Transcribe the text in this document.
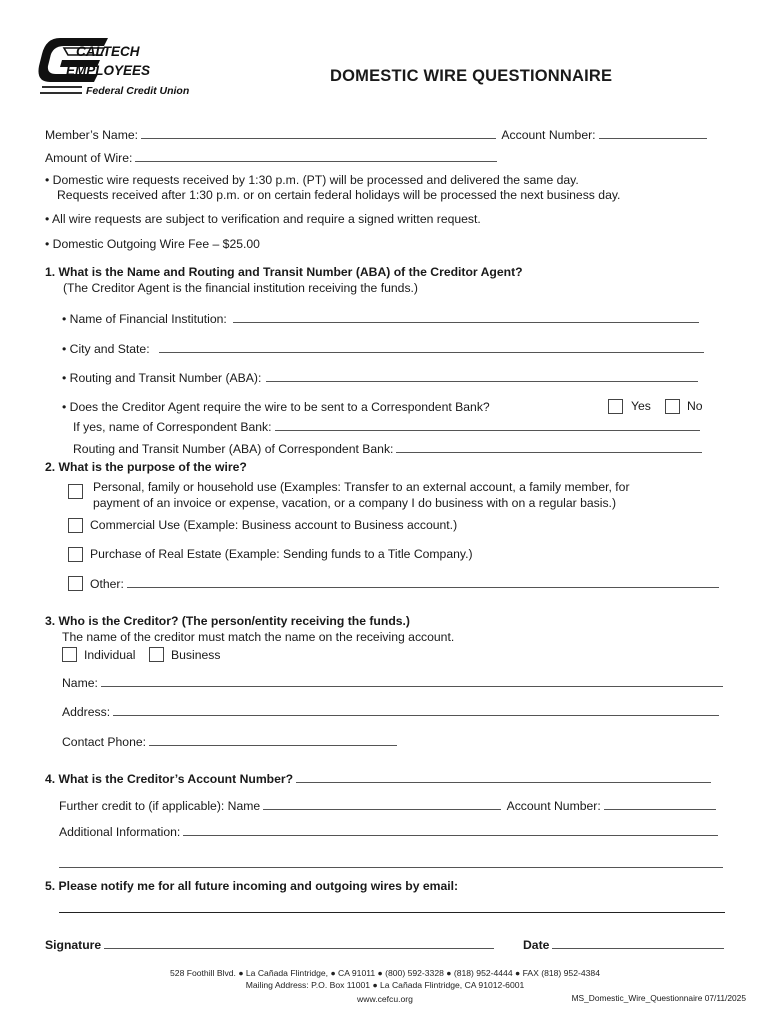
CALTECH
EMPLOYEES
Federal Credit Union
DOMESTIC WIRE QUESTIONNAIRE
Member’s Name:	Account Number:
Amount of Wire:
• Domestic wire requests received by 1:30 p.m. (PT) will be processed and delivered the same day.
Requests received after 1:30 p.m. or on certain federal holidays will be processed the next business day.
• All wire requests are subject to verification and require a signed written request.
• Domestic Outgoing Wire Fee – $25.00
1. What is the Name and Routing and Transit Number (ABA) of the Creditor Agent?
(The Creditor Agent is the financial institution receiving the funds.)
• Name of Financial Institution:
• City and State:
• Routing and Transit Number (ABA):
• Does the Creditor Agent require the wire to be sent to a Correspondent Bank?	Yes	No
If yes, name of Correspondent Bank:
Routing and Transit Number (ABA) of Correspondent Bank:
2. What is the purpose of the wire?
Personal, family or household use (Examples: Transfer to an external account, a family member, for
payment of an invoice or expense, vacation, or a company I do business with on a regular basis.)
Commercial Use (Example: Business account to Business account.)
Purchase of Real Estate (Example: Sending funds to a Title Company.)
Other:
3. Who is the Creditor? (The person/entity receiving the funds.)
The name of the creditor must match the name on the receiving account.
Individual	Business
Name:
Address:
Contact Phone:
4. What is the Creditor’s Account Number?
Further credit to (if applicable): Name	Account Number:
Additional Information:
5. Please notify me for all future incoming and outgoing wires by email:
Signature	Date
528 Foothill Blvd. ● La Cañada Flintridge, ● CA 91011 ● (800) 592-3328 ● (818) 952-4444 ● FAX (818) 952-4384
Mailing Address: P.O. Box 11001 ● La Cañada Flintridge, CA 91012-6001
www.cefcu.org	MS_Domestic_Wire_Questionnaire 07/11/2025
